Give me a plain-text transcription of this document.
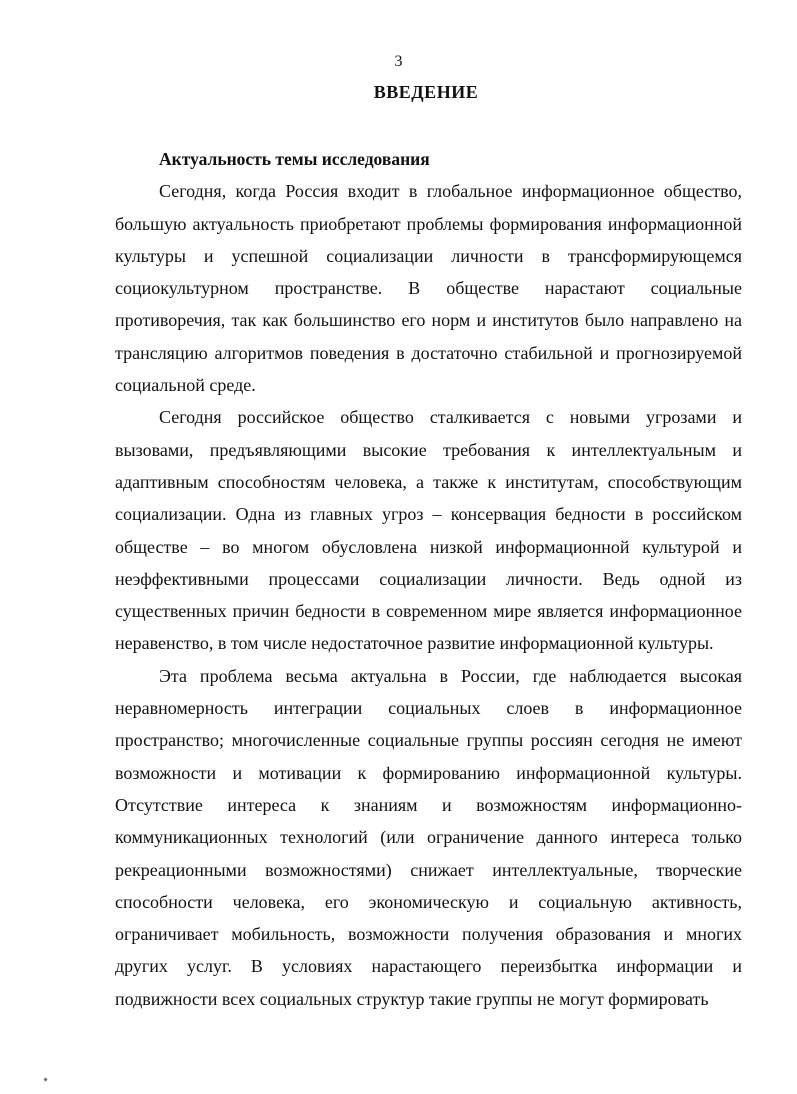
3
ВВЕДЕНИЕ

Актуальность темы исследования

Сегодня, когда Россия входит в глобальное информационное общество, большую актуальность приобретают проблемы формирования информационной культуры и успешной социализации личности в трансформирующемся социокультурном пространстве. В обществе нарастают социальные противоречия, так как большинство его норм и институтов было направлено на трансляцию алгоритмов поведения в достаточно стабильной и прогнозируемой социальной среде.

Сегодня российское общество сталкивается с новыми угрозами и вызовами, предъявляющими высокие требования к интеллектуальным и адаптивным способностям человека, а также к институтам, способствующим социализации. Одна из главных угроз – консервация бедности в российском обществе – во многом обусловлена низкой информационной культурой и неэффективными процессами социализации личности. Ведь одной из существенных причин бедности в современном мире является информационное неравенство, в том числе недостаточное развитие информационной культуры.

Эта проблема весьма актуальна в России, где наблюдается высокая неравномерность интеграции социальных слоев в информационное пространство; многочисленные социальные группы россиян сегодня не имеют возможности и мотивации к формированию информационной культуры. Отсутствие интереса к знаниям и возможностям информационно-коммуникационных технологий (или ограничение данного интереса только рекреационными возможностями) снижает интеллектуальные, творческие способности человека, его экономическую и социальную активность, ограничивает мобильность, возможности получения образования и многих других услуг. В условиях нарастающего переизбытка информации и подвижности всех социальных структур такие группы не могут формировать
